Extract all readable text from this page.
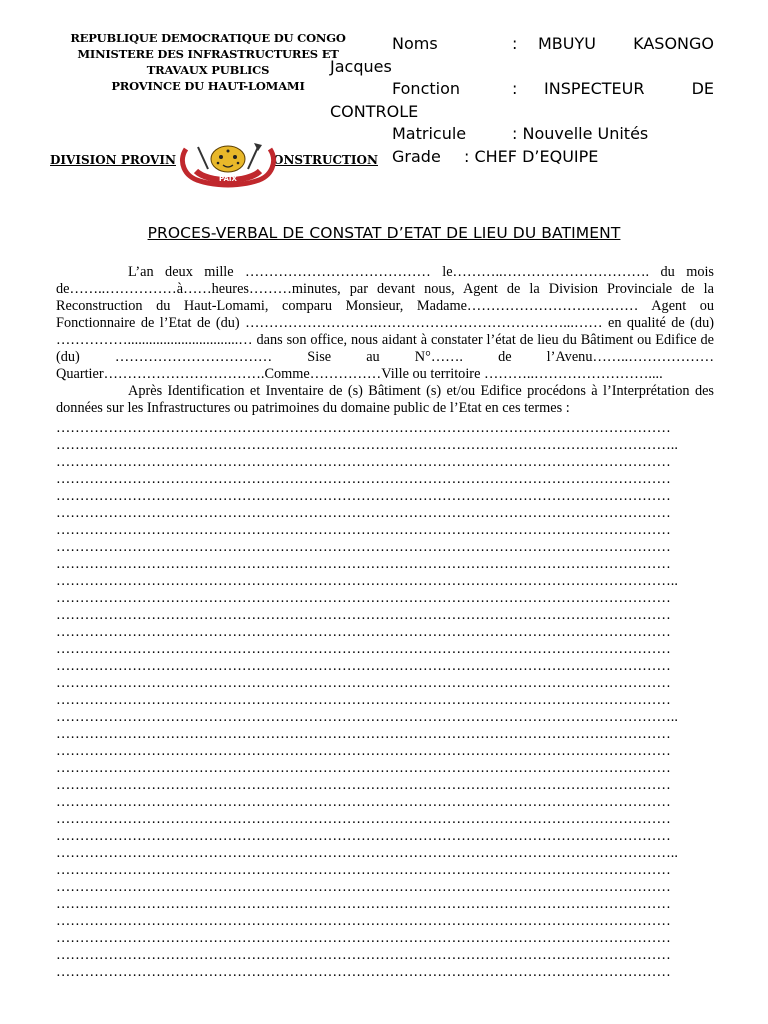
REPUBLIQUE DEMOCRATIQUE DU CONGO
MINISTERE DES INFRASTRUCTURES ET
TRAVAUX PUBLICS
PROVINCE DU HAUT-LOMAMI
Noms	:	MBUYU KASONGO
Jacques
Fonction	:	INSPECTEUR	DE
CONTROLE
Matricule	: Nouvelle Unités
Grade	: CHEF D’EQUIPE
DIVISION PROVIN	ONSTRUCTION
PAIX
PROCES-VERBAL DE CONSTAT D’ETAT DE LIEU DU BATIMENT

L’an deux mille ………………………………… le………..…………………………. du mois de……..……………à……heures………minutes, par devant nous, Agent de la Division Provinciale de la Reconstruction du Haut-Lomami, comparu Monsieur, Madame……………………………… Agent ou Fonctionnaire de l’Etat de (du) ……………………….…………………………………...…… en qualité de (du) ……………...............................… dans son office, nous aidant à constater l’état de lieu du Bâtiment ou Edifice de (du) …………………………… Sise au N°……. de l’Avenu……..……………… Quartier…………………………….Comme……………Ville ou territoire ………..……………………....

Après Identification et Inventaire de (s) Bâtiment (s) et/ou Edifice procédons à l’Interprétation des données sur les Infrastructures ou patrimoines du domaine public de l’Etat en ces termes :

…………………………………………………………………………………………………………………
…………………………………………………………………………………………………………………..
…………………………………………………………………………………………………………………
…………………………………………………………………………………………………………………
…………………………………………………………………………………………………………………
…………………………………………………………………………………………………………………
…………………………………………………………………………………………………………………
…………………………………………………………………………………………………………………
…………………………………………………………………………………………………………………
…………………………………………………………………………………………………………………..
…………………………………………………………………………………………………………………
…………………………………………………………………………………………………………………
…………………………………………………………………………………………………………………
…………………………………………………………………………………………………………………
…………………………………………………………………………………………………………………
…………………………………………………………………………………………………………………
…………………………………………………………………………………………………………………
…………………………………………………………………………………………………………………..
…………………………………………………………………………………………………………………
…………………………………………………………………………………………………………………
…………………………………………………………………………………………………………………
…………………………………………………………………………………………………………………
…………………………………………………………………………………………………………………
…………………………………………………………………………………………………………………
…………………………………………………………………………………………………………………
…………………………………………………………………………………………………………………..
…………………………………………………………………………………………………………………
…………………………………………………………………………………………………………………
…………………………………………………………………………………………………………………
…………………………………………………………………………………………………………………
…………………………………………………………………………………………………………………
…………………………………………………………………………………………………………………
…………………………………………………………………………………………………………………
